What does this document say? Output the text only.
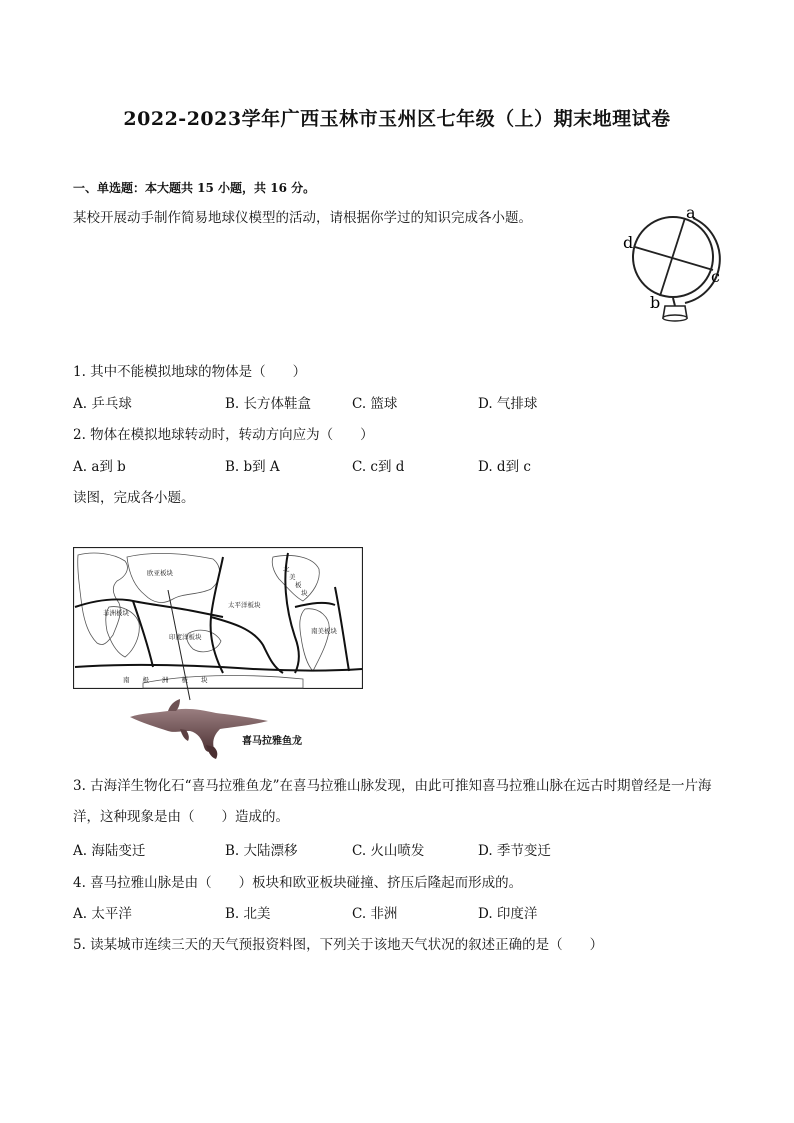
2022-2023学年广西玉林市玉州区七年级（上）期末地理试卷
一、单选题：本大题共 15 小题，共 16 分。
某校开展动手制作简易地球仪模型的活动，请根据你学过的知识完成各小题。	a
b
c
d
1. 其中不能模拟地球的物体是（　　）
A. 乒乓球	B. 长方体鞋盒	C. 篮球	D. 气排球
2. 物体在模拟地球转动时，转动方向应为（　　）
A. a到 b	B. b到 A	C. c到 d	D. d到 c
读图，完成各小题。
欧亚板块
太平洋板块
非洲板块
印度洋板块
北
美
板
块
南美板块
南　　极　　洲　　板　　块
喜马拉雅鱼龙
3. 古海洋生物化石“喜马拉雅鱼龙”在喜马拉雅山脉发现，由此可推知喜马拉雅山脉在远古时期曾经是一片海洋，这种现象是由（　　）造成的。
A. 海陆变迁	B. 大陆漂移	C. 火山喷发	D. 季节变迁
4. 喜马拉雅山脉是由（　　）板块和欧亚板块碰撞、挤压后隆起而形成的。
A. 太平洋	B. 北美	C. 非洲	D. 印度洋
5. 读某城市连续三天的天气预报资料图，下列关于该地天气状况的叙述正确的是（　　）
